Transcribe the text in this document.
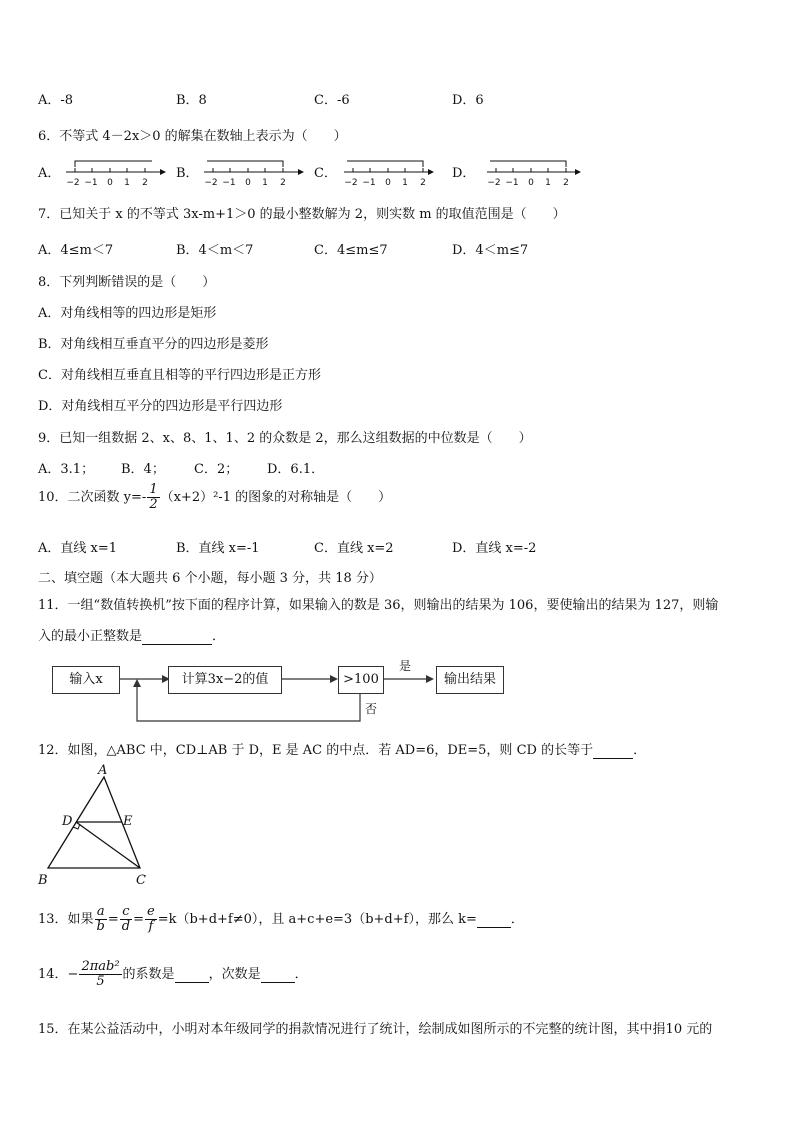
A．-8	B．8	C．-6	D．6
6．不等式 4－2x＞0 的解集在数轴上表示为（　　）
A．	B．	C．	D．
−2 −1 0 1 2	−2 −1 0 1 2	−2 −1 0 1 2	−2 −1 0 1 2
7．已知关于 x 的不等式 3x-m+1＞0 的最小整数解为 2，则实数 m 的取值范围是（　　）
A．4≤m＜7	B．4＜m＜7	C．4≤m≤7	D．4＜m≤7
8．下列判断错误的是（　　）
A．对角线相等的四边形是矩形
B．对角线相互垂直平分的四边形是菱形
C．对角线相互垂直且相等的平行四边形是正方形
D．对角线相互平分的四边形是平行四边形
9．已知一组数据 2、x、8、1、1、2 的众数是 2，那么这组数据的中位数是（　　）
A．3.1； B．4； C．2； D．6.1．
10．二次函数 $y=- \frac{1}{2} (x+2)^2-1$ 的图象的对称轴是（　　）
A．直线 x=1	B．直线 x=-1	C．直线 x=2	D．直线 x=-2
二、填空题（本大题共 6 个小题，每小题 3 分，共 18 分）
11．一组“数值转换机”按下面的程序计算，如果输入的数是 36，则输出的结果为 106，要使输出的结果为 127，则输
入的最小正整数是	．
输入x	计算3x−2的值	>100	输出结果
是
否
12．如图，△ABC 中，CD⊥AB 于 D，E 是 AC 的中点．若 AD=6，DE=5，则 CD 的长等于	．
A
D	E
B	C
13．如果 $\frac{a}{b} = \frac{c}{d} = \frac{e}{f} =k(b+d+f\ne 0)$，且 a+c+e=3（b+d+f），那么 k=	．
14．− $\frac{\text{2πab²}}{5}$ 的系数是	，次数是	．
15．在某公益活动中，小明对本年级同学的捐款情况进行了统计，绘制成如图所示的不完整的统计图，其中捐10 元的
